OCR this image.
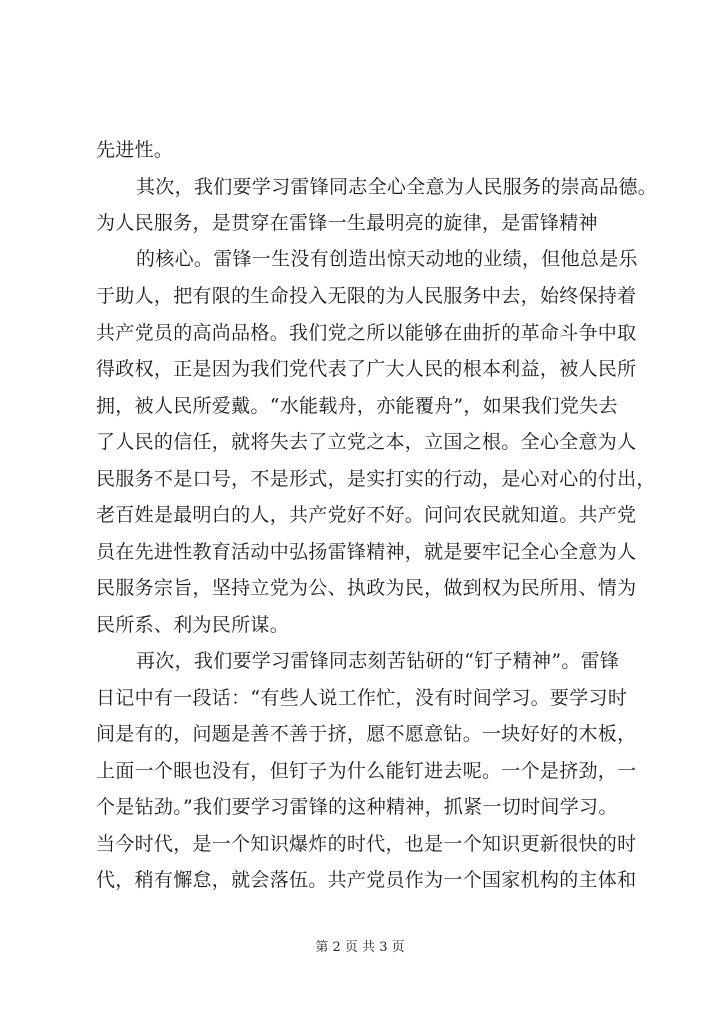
先进性。

其次，我们要学习雷锋同志全心全意为人民服务的崇高品德。

为人民服务，是贯穿在雷锋一生最明亮的旋律，是雷锋精神

的核心。雷锋一生没有创造出惊天动地的业绩，但他总是乐

于助人，把有限的生命投入无限的为人民服务中去，始终保持着

共产党员的高尚品格。我们党之所以能够在曲折的革命斗争中取

得政权，正是因为我们党代表了广大人民的根本利益，被人民所

拥，被人民所爱戴。“水能载舟，亦能覆舟”，如果我们党失去

了人民的信任，就将失去了立党之本，立国之根。全心全意为人

民服务不是口号，不是形式，是实打实的行动，是心对心的付出，

老百姓是最明白的人，共产党好不好。问问农民就知道。共产党

员在先进性教育活动中弘扬雷锋精神，就是要牢记全心全意为人

民服务宗旨，坚持立党为公、执政为民，做到权为民所用、情为

民所系、利为民所谋。

再次，我们要学习雷锋同志刻苦钻研的“钉子精神”。雷锋

日记中有一段话：“有些人说工作忙，没有时间学习。要学习时

间是有的，问题是善不善于挤，愿不愿意钻。一块好好的木板，

上面一个眼也没有，但钉子为什么能钉进去呢。一个是挤劲，一

个是钻劲。”我们要学习雷锋的这种精神，抓紧一切时间学习。

当今时代，是一个知识爆炸的时代，也是一个知识更新很快的时

代，稍有懈怠，就会落伍。共产党员作为一个国家机构的主体和

第 2 页 共 3 页
